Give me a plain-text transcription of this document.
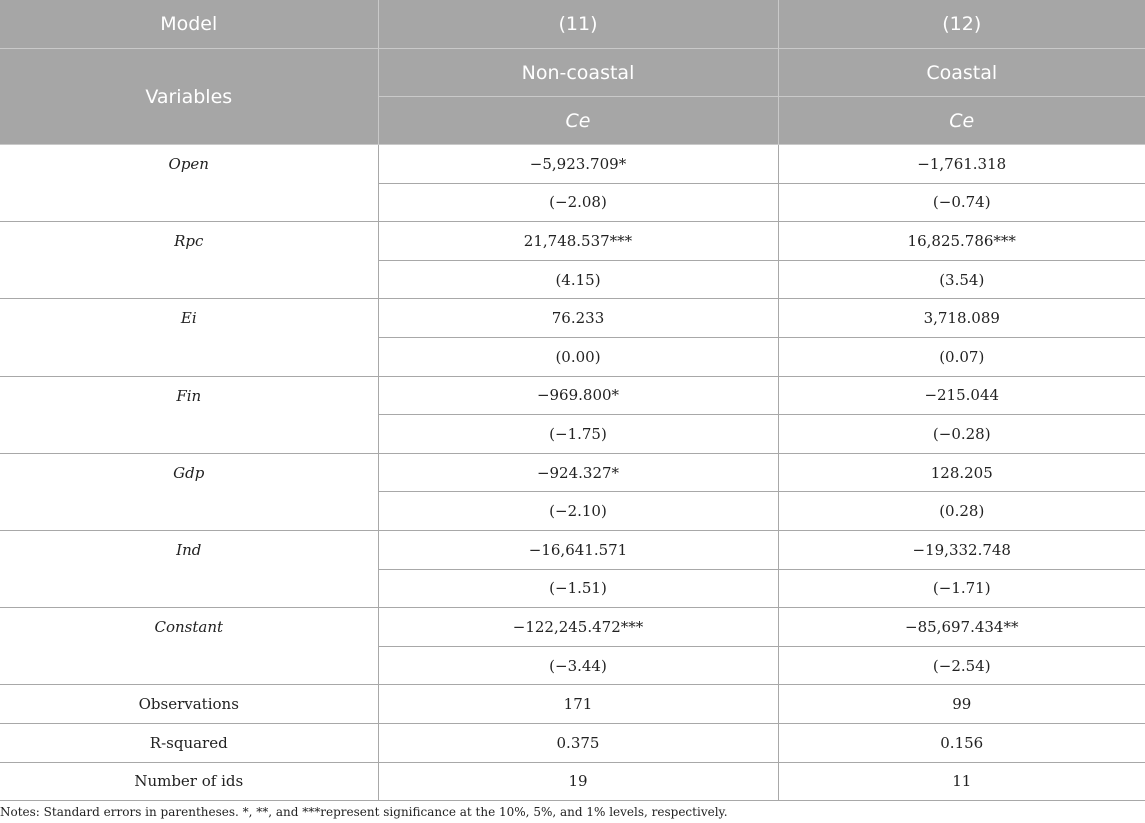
Model	(11)	(12)
Variables	Non-coastal	Coastal
	Ce	Ce
Open	−5,923.709*	−1,761.318
	(−2.08)	(−0.74)
Rpc	21,748.537***	16,825.786***
	(4.15)	(3.54)
Ei	76.233	3,718.089
	(0.00)	(0.07)
Fin	−969.800*	−215.044
	(−1.75)	(−0.28)
Gdp	−924.327*	128.205
	(−2.10)	(0.28)
Ind	−16,641.571	−19,332.748
	(−1.51)	(−1.71)
Constant	−122,245.472***	−85,697.434**
	(−3.44)	(−2.54)
Observations	171	99
R-squared	0.375	0.156
Number of ids	19	11
Notes: Standard errors in parentheses. *, **, and ***represent significance at the 10%, 5%, and 1% levels, respectively.
